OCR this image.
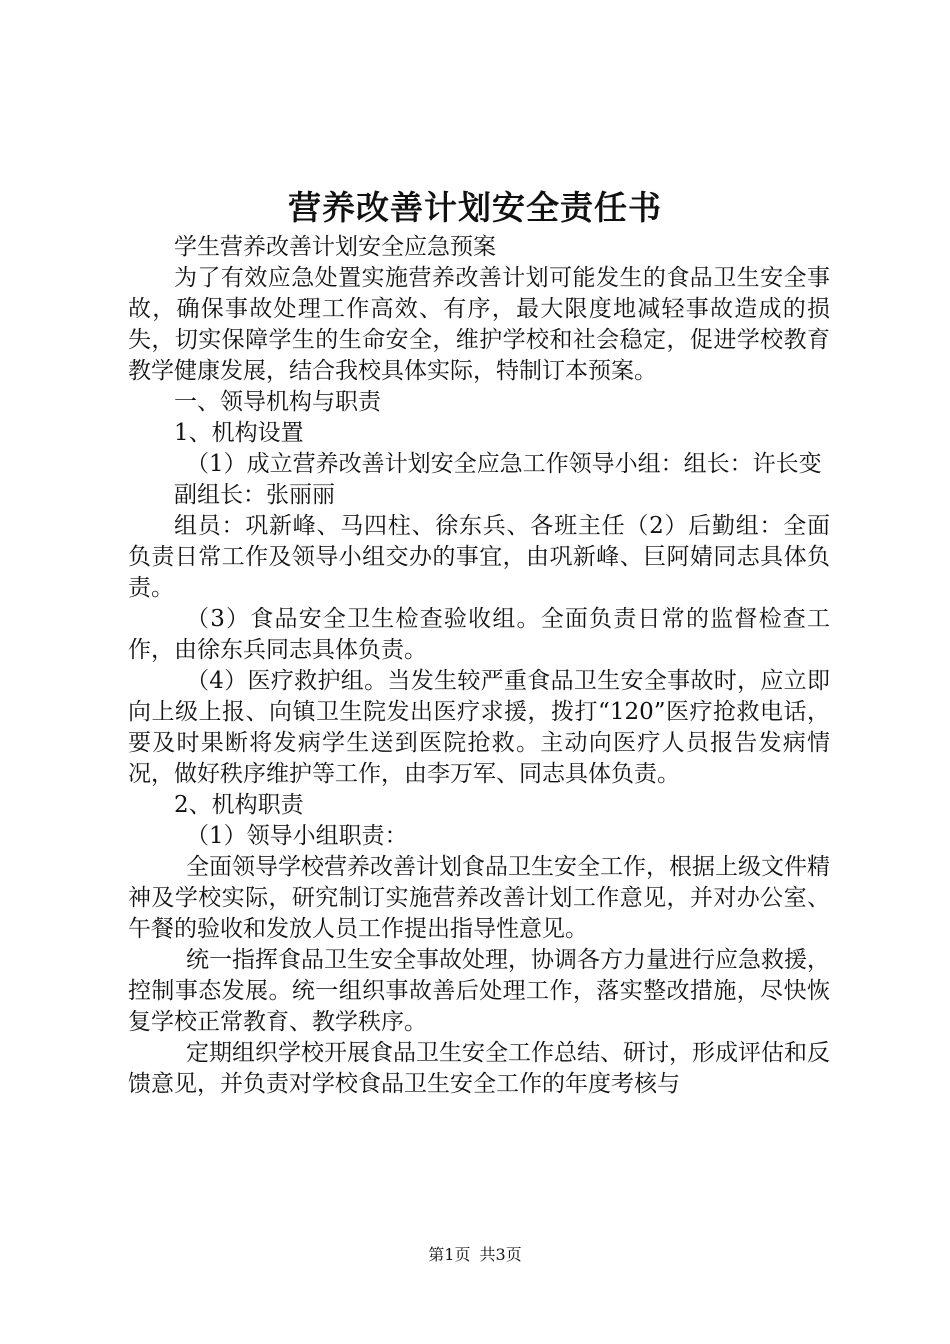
营养改善计划安全责任书

学生营养改善计划安全应急预案

为了有效应急处置实施营养改善计划可能发生的食品卫生安全事故，确保事故处理工作高效、有序，最大限度地减轻事故造成的损失，切实保障学生的生命安全，维护学校和社会稳定，促进学校教育教学健康发展，结合我校具体实际，特制订本预案。

一、领导机构与职责

1、机构设置

（1）成立营养改善计划安全应急工作领导小组：组长：许长变

副组长：张丽丽

组员：巩新峰、马四柱、徐东兵、各班主任（2）后勤组：全面负责日常工作及领导小组交办的事宜，由巩新峰、巨阿婧同志具体负责。

（3）食品安全卫生检查验收组。全面负责日常的监督检查工作，由徐东兵同志具体负责。

（4）医疗救护组。当发生较严重食品卫生安全事故时，应立即向上级上报、向镇卫生院发出医疗求援，拨打“120”医疗抢救电话，要及时果断将发病学生送到医院抢救。主动向医疗人员报告发病情况，做好秩序维护等工作，由李万军、同志具体负责。

2、机构职责

（1）领导小组职责：

全面领导学校营养改善计划食品卫生安全工作，根据上级文件精神及学校实际，研究制订实施营养改善计划工作意见，并对办公室、午餐的验收和发放人员工作提出指导性意见。

统一指挥食品卫生安全事故处理，协调各方力量进行应急救援，控制事态发展。统一组织事故善后处理工作，落实整改措施，尽快恢复学校正常教育、教学秩序。

定期组织学校开展食品卫生安全工作总结、研讨，形成评估和反馈意见，并负责对学校食品卫生安全工作的年度考核与

第1页 共3页
